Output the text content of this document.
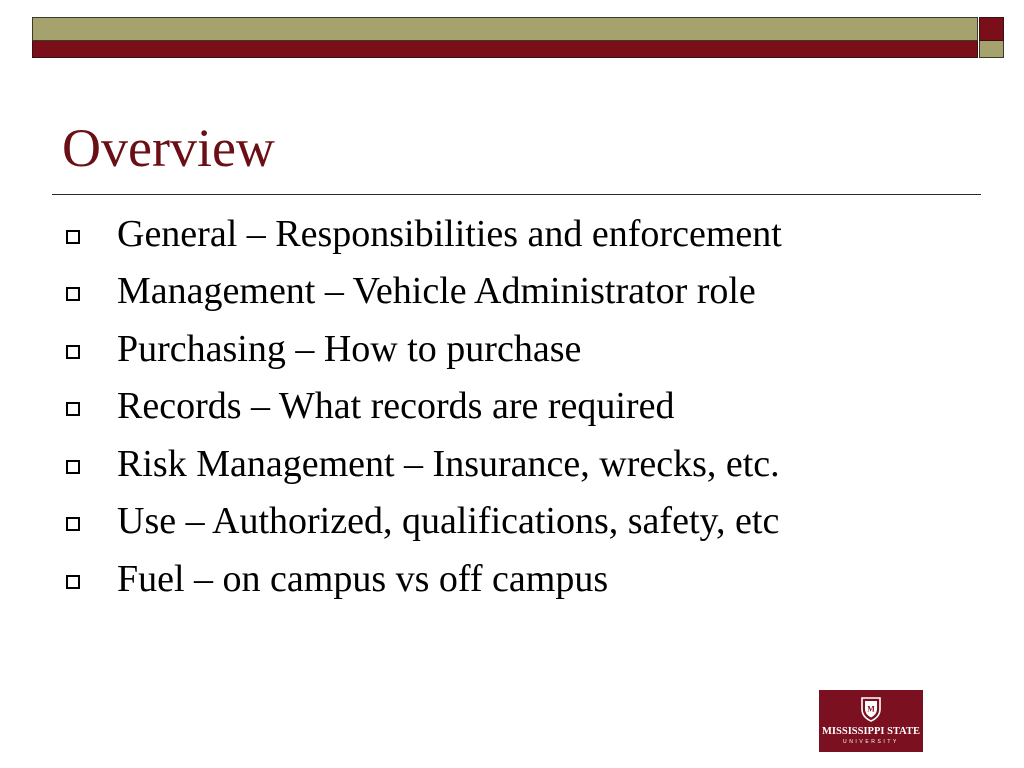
Overview
General – Responsibilities and enforcement
Management – Vehicle Administrator role
Purchasing – How to purchase
Records – What records are required
Risk Management – Insurance, wrecks, etc.
Use – Authorized, qualifications, safety, etc
Fuel – on campus vs off campus
M
MISSISSIPPI STATE
UNIVERSITY
